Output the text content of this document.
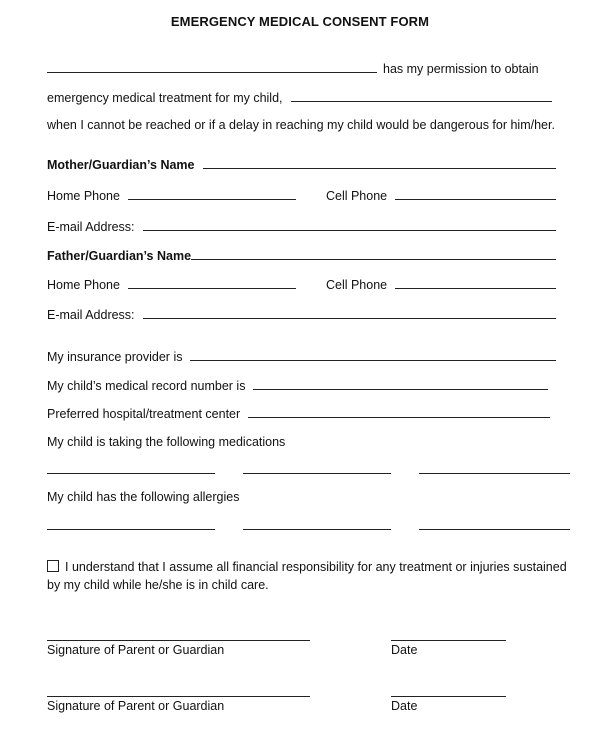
EMERGENCY MEDICAL CONSENT FORM
has my permission to obtain
emergency medical treatment for my child,
when I cannot be reached or if a delay in reaching my child would be dangerous for him/her.
Mother/Guardian’s Name
Home Phone	Cell Phone
E-mail Address:
Father/Guardian’s Name
Home Phone	Cell Phone
E-mail Address:
My insurance provider is
My child’s medical record number is
Preferred hospital/treatment center
My child is taking the following medications
My child has the following allergies
I understand that I assume all financial responsibility for any treatment or injuries sustained by my child while he/she is in child care.
Signature of Parent or Guardian	Date
Signature of Parent or Guardian	Date
